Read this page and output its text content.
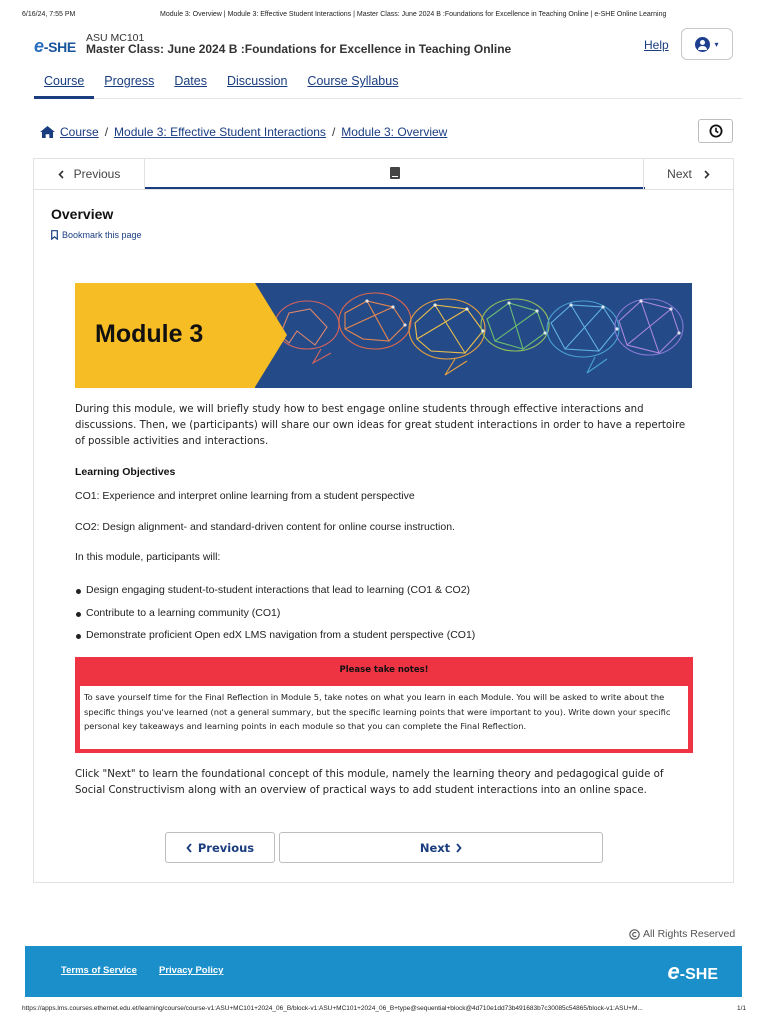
6/16/24, 7:55 PM	Module 3: Overview | Module 3: Effective Student Interactions | Master Class: June 2024 B :Foundations for Excellence in Teaching Online | e-SHE Online Learning
e-SHE
ASU MC101
Master Class: June 2024 B :Foundations for Excellence in Teaching Online	Help	▾
Course	Progress	Dates	Discussion	Course Syllabus
Course / Module 3: Effective Student Interactions / Module 3: Overview
Previous	Next
Overview
Bookmark this page
Module 3

During this module, we will briefly study how to best engage online students through effective interactions and discussions. Then, we (participants) will share our own ideas for great student interactions in order to have a repertoire of possible activities and interactions.

Learning Objectives
CO1: Experience and interpret online learning from a student perspective
CO2: Design alignment- and standard-driven content for online course instruction.
In this module, participants will:
Design engaging student-to-student interactions that lead to learning (CO1 & CO2)
Contribute to a learning community (CO1)
Demonstrate proficient Open edX LMS navigation from a student perspective (CO1)
Please take notes!
To save yourself time for the Final Reflection in Module 5, take notes on what you learn in each Module. You will be asked to write about the specific things you've learned (not a general summary, but the specific learning points that were important to you). Write down your specific personal key takeaways and learning points in each module so that you can complete the Final Reflection.

Click "Next" to learn the foundational concept of this module, namely the learning theory and pedagogical guide of Social Constructivism along with an overview of practical ways to add student interactions into an online space.

Previous	Next
All Rights Reserved
Terms of Service Privacy Policy	e-SHE
https://apps.lms.courses.ethernet.edu.et/learning/course/course-v1:ASU+MC101+2024_06_B/block-v1:ASU+MC101+2024_06_B+type@sequential+block@4d710e1dd73b491683b7c30085c54865/block-v1:ASU+M...	1/1
